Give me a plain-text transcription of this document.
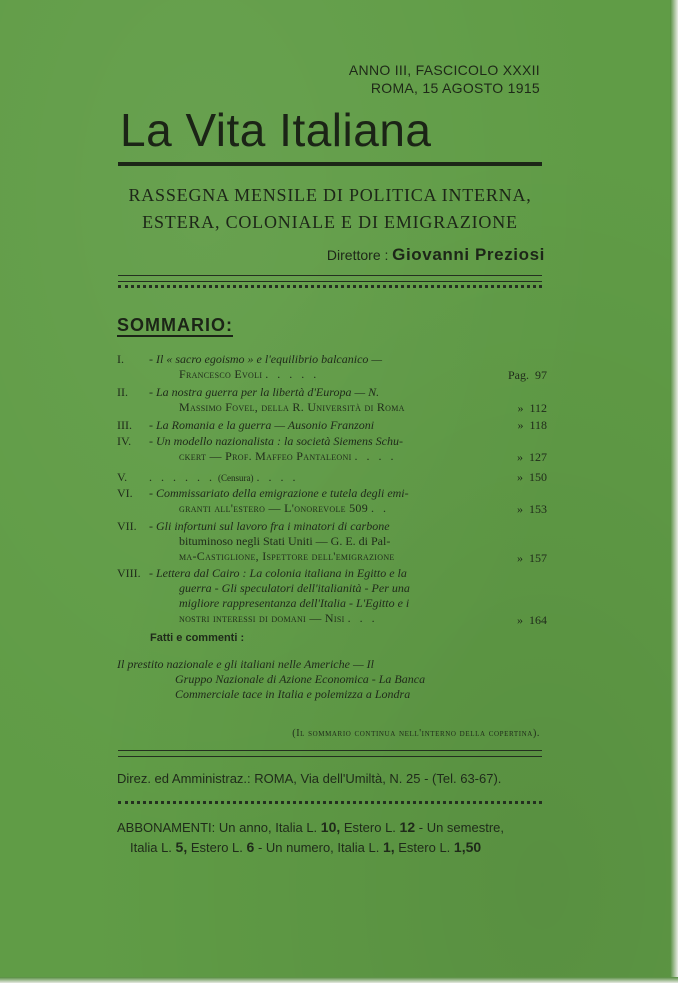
ANNO III, FASCICOLO XXXII
ROMA, 15 AGOSTO 1915
La Vita Italiana
RASSEGNA MENSILE DI POLITICA INTERNA,
ESTERA, COLONIALE E DI EMIGRAZIONE
Direttore : Giovanni Preziosi
SOMMARIO:
I.	- Il « sacro egoismo » e l'equilibrio balcanico —
Francesco Evoli . . . . .	Pag. 97
II.	- La nostra guerra per la libertà d'Europa — N.
Massimo Fovel, della R. Università di Roma	» 112
III.	- La Romania e la guerra — Ausonio Franzoni	» 118
IV.	- Un modello nazionalista : la società Siemens Schu-
ckert — Prof. Maffeo Pantaleoni . . . .	» 127
V.	. . . . . . (Censura) . . . .	» 150
VI.	- Commissariato della emigrazione e tutela degli emi-
granti all'estero — L'onorevole 509 . .	» 153
VII.	- Gli infortuni sul lavoro fra i minatori di carbone
bituminoso negli Stati Uniti — G. E. di Pal-
ma-Castiglione, Ispettore dell'emigrazione	» 157
VIII. - Lettera dal Cairo : La colonia italiana in Egitto e la
guerra - Gli speculatori dell'italianità - Per una
migliore rappresentanza dell'Italia - L'Egitto e i
nostri interessi di domani — Nisi . . .	» 164
Fatti e commenti :
Il prestito nazionale e gli italiani nelle Americhe — Il
Gruppo Nazionale di Azione Economica - La Banca
Commerciale tace in Italia e polemizza a Londra
(Il sommario continua nell'interno della copertina).
Direz. ed Amministraz.: ROMA, Via dell'Umiltà, N. 25 - (Tel. 63-67).
ABBONAMENTI: Un anno, Italia L. 10, Estero L. 12 - Un semestre,
Italia L. 5, Estero L. 6 - Un numero, Italia L. 1, Estero L. 1,50
